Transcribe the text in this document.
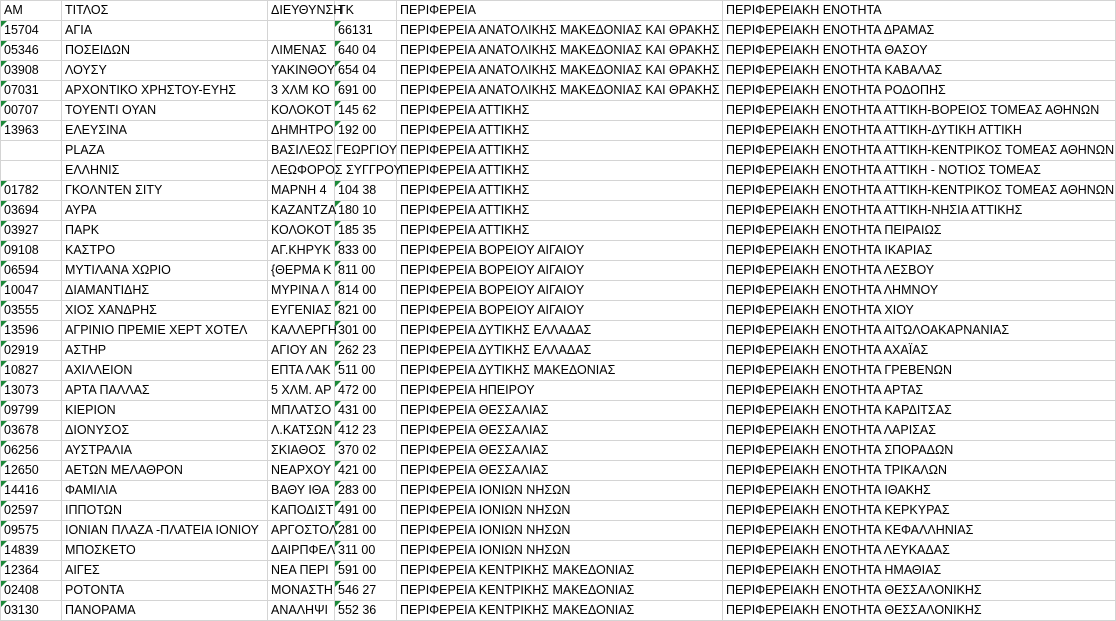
ΑΜ	ΤΙΤΛΟΣ	ΔΙΕΥΘΥΝΣΗ	ΤΚ	ΠΕΡΙΦΕΡΕΙΑ	ΠΕΡΙΦΕΡΕΙΑΚΗ ΕΝΟΤΗΤΑ
15704	ΑΓΙΑ		66131	ΠΕΡΙΦΕΡΕΙΑ ΑΝΑΤΟΛΙΚΗΣ ΜΑΚΕΔΟΝΙΑΣ ΚΑΙ ΘΡΑΚΗΣ	ΠΕΡΙΦΕΡΕΙΑΚΗ ΕΝΟΤΗΤΑ ΔΡΑΜΑΣ
05346	ΠΟΣΕΙΔΩΝ	ΛΙΜΕΝΑΣ	640 04	ΠΕΡΙΦΕΡΕΙΑ ΑΝΑΤΟΛΙΚΗΣ ΜΑΚΕΔΟΝΙΑΣ ΚΑΙ ΘΡΑΚΗΣ	ΠΕΡΙΦΕΡΕΙΑΚΗ ΕΝΟΤΗΤΑ ΘΑΣΟΥ
03908	ΛΟΥΣΥ	ΥΑΚΙΝΘΟΥ	654 04	ΠΕΡΙΦΕΡΕΙΑ ΑΝΑΤΟΛΙΚΗΣ ΜΑΚΕΔΟΝΙΑΣ ΚΑΙ ΘΡΑΚΗΣ	ΠΕΡΙΦΕΡΕΙΑΚΗ ΕΝΟΤΗΤΑ ΚΑΒΑΛΑΣ
07031	ΑΡΧΟΝΤΙΚΟ ΧΡΗΣΤΟΥ-ΕΥΗΣ	3 ΧΛΜ ΚΟ	691 00	ΠΕΡΙΦΕΡΕΙΑ ΑΝΑΤΟΛΙΚΗΣ ΜΑΚΕΔΟΝΙΑΣ ΚΑΙ ΘΡΑΚΗΣ	ΠΕΡΙΦΕΡΕΙΑΚΗ ΕΝΟΤΗΤΑ ΡΟΔΟΠΗΣ
00707	ΤΟΥΕΝΤΙ ΟΥΑΝ	ΚΟΛΟΚΟΤ	145 62	ΠΕΡΙΦΕΡΕΙΑ ΑΤΤΙΚΗΣ	ΠΕΡΙΦΕΡΕΙΑΚΗ ΕΝΟΤΗΤΑ ΑΤΤΙΚΗ-ΒΟΡΕΙΟΣ ΤΟΜΕΑΣ ΑΘΗΝΩΝ
13963	ΕΛΕΥΣΙΝΑ	ΔΗΜΗΤΡΟ	192 00	ΠΕΡΙΦΕΡΕΙΑ ΑΤΤΙΚΗΣ	ΠΕΡΙΦΕΡΕΙΑΚΗ ΕΝΟΤΗΤΑ ΑΤΤΙΚΗ-ΔΥΤΙΚΗ ΑΤΤΙΚΗ
	PLAZA	ΒΑΣΙΛΕΩΣ ΓΕΩΡΓΙΟΥ		ΠΕΡΙΦΕΡΕΙΑ ΑΤΤΙΚΗΣ	ΠΕΡΙΦΕΡΕΙΑΚΗ ΕΝΟΤΗΤΑ ΑΤΤΙΚΗ-ΚΕΝΤΡΙΚΟΣ ΤΟΜΕΑΣ ΑΘΗΝΩΝ
	ΕΛΛΗΝΙΣ	ΛΕΩΦΟΡΟΣ ΣΥΓΓΡΟΥ		ΠΕΡΙΦΕΡΕΙΑ ΑΤΤΙΚΗΣ	ΠΕΡΙΦΕΡΕΙΑΚΗ ΕΝΟΤΗΤΑ ΑΤΤΙΚΗ - ΝΟΤΙΟΣ ΤΟΜΕΑΣ
01782	ΓΚΟΛΝΤΕΝ ΣΙΤΥ	ΜΑΡΝΗ 4	104 38	ΠΕΡΙΦΕΡΕΙΑ ΑΤΤΙΚΗΣ	ΠΕΡΙΦΕΡΕΙΑΚΗ ΕΝΟΤΗΤΑ ΑΤΤΙΚΗ-ΚΕΝΤΡΙΚΟΣ ΤΟΜΕΑΣ ΑΘΗΝΩΝ
03694	ΑΥΡΑ	ΚΑΖΑΝΤΖΑ	180 10	ΠΕΡΙΦΕΡΕΙΑ ΑΤΤΙΚΗΣ	ΠΕΡΙΦΕΡΕΙΑΚΗ ΕΝΟΤΗΤΑ ΑΤΤΙΚΗ-ΝΗΣΙΑ ΑΤΤΙΚΗΣ
03927	ΠΑΡΚ	ΚΟΛΟΚΟΤ	185 35	ΠΕΡΙΦΕΡΕΙΑ ΑΤΤΙΚΗΣ	ΠΕΡΙΦΕΡΕΙΑΚΗ ΕΝΟΤΗΤΑ ΠΕΙΡΑΙΩΣ
09108	ΚΑΣΤΡΟ	ΑΓ.ΚΗΡΥΚ	833 00	ΠΕΡΙΦΕΡΕΙΑ ΒΟΡΕΙΟΥ ΑΙΓΑΙΟΥ	ΠΕΡΙΦΕΡΕΙΑΚΗ ΕΝΟΤΗΤΑ ΙΚΑΡΙΑΣ
06594	ΜΥΤΙΛΑΝΑ ΧΩΡΙΟ	{ΘΕΡΜΑ Κ	811 00	ΠΕΡΙΦΕΡΕΙΑ ΒΟΡΕΙΟΥ ΑΙΓΑΙΟΥ	ΠΕΡΙΦΕΡΕΙΑΚΗ ΕΝΟΤΗΤΑ ΛΕΣΒΟΥ
10047	ΔΙΑΜΑΝΤΙΔΗΣ	ΜΥΡΙΝΑ Λ	814 00	ΠΕΡΙΦΕΡΕΙΑ ΒΟΡΕΙΟΥ ΑΙΓΑΙΟΥ	ΠΕΡΙΦΕΡΕΙΑΚΗ ΕΝΟΤΗΤΑ ΛΗΜΝΟΥ
03555	ΧΙΟΣ ΧΑΝΔΡΗΣ	ΕΥΓΕΝΙΑΣ	821 00	ΠΕΡΙΦΕΡΕΙΑ ΒΟΡΕΙΟΥ ΑΙΓΑΙΟΥ	ΠΕΡΙΦΕΡΕΙΑΚΗ ΕΝΟΤΗΤΑ ΧΙΟΥ
13596	ΑΓΡΙΝΙΟ ΠΡΕΜΙΕ ΧΕΡΤ ΧΟΤΕΛ	ΚΑΛΛΕΡΓΗ	301 00	ΠΕΡΙΦΕΡΕΙΑ ΔΥΤΙΚΗΣ ΕΛΛΑΔΑΣ	ΠΕΡΙΦΕΡΕΙΑΚΗ ΕΝΟΤΗΤΑ ΑΙΤΩΛΟΑΚΑΡΝΑΝΙΑΣ
02919	ΑΣΤΗΡ	ΑΓΙΟΥ ΑΝ	262 23	ΠΕΡΙΦΕΡΕΙΑ ΔΥΤΙΚΗΣ ΕΛΛΑΔΑΣ	ΠΕΡΙΦΕΡΕΙΑΚΗ ΕΝΟΤΗΤΑ ΑΧΑΪΑΣ
10827	ΑΧΙΛΛΕΙΟΝ	ΕΠΤΑ ΛΑΚ	511 00	ΠΕΡΙΦΕΡΕΙΑ ΔΥΤΙΚΗΣ ΜΑΚΕΔΟΝΙΑΣ	ΠΕΡΙΦΕΡΕΙΑΚΗ ΕΝΟΤΗΤΑ ΓΡΕΒΕΝΩΝ
13073	ΑΡΤΑ ΠΑΛΛΑΣ	5 ΧΛΜ. ΑΡ	472 00	ΠΕΡΙΦΕΡΕΙΑ ΗΠΕΙΡΟΥ	ΠΕΡΙΦΕΡΕΙΑΚΗ ΕΝΟΤΗΤΑ ΑΡΤΑΣ
09799	ΚΙΕΡΙΟΝ	ΜΠΛΑΤΣΟ	431 00	ΠΕΡΙΦΕΡΕΙΑ ΘΕΣΣΑΛΙΑΣ	ΠΕΡΙΦΕΡΕΙΑΚΗ ΕΝΟΤΗΤΑ ΚΑΡΔΙΤΣΑΣ
03678	ΔΙΟΝΥΣΟΣ	Λ.ΚΑΤΣΩΝ	412 23	ΠΕΡΙΦΕΡΕΙΑ ΘΕΣΣΑΛΙΑΣ	ΠΕΡΙΦΕΡΕΙΑΚΗ ΕΝΟΤΗΤΑ ΛΑΡΙΣΑΣ
06256	ΑΥΣΤΡΑΛΙΑ	ΣΚΙΑΘΟΣ	370 02	ΠΕΡΙΦΕΡΕΙΑ ΘΕΣΣΑΛΙΑΣ	ΠΕΡΙΦΕΡΕΙΑΚΗ ΕΝΟΤΗΤΑ ΣΠΟΡΑΔΩΝ
12650	ΑΕΤΩΝ ΜΕΛΑΘΡΟΝ	ΝΕΑΡΧΟΥ	421 00	ΠΕΡΙΦΕΡΕΙΑ ΘΕΣΣΑΛΙΑΣ	ΠΕΡΙΦΕΡΕΙΑΚΗ ΕΝΟΤΗΤΑ ΤΡΙΚΑΛΩΝ
14416	ΦΑΜΙΛΙΑ	ΒΑΘΥ ΙΘΑ	283 00	ΠΕΡΙΦΕΡΕΙΑ ΙΟΝΙΩΝ ΝΗΣΩΝ	ΠΕΡΙΦΕΡΕΙΑΚΗ ΕΝΟΤΗΤΑ ΙΘΑΚΗΣ
02597	ΙΠΠΟΤΩΝ	ΚΑΠΟΔΙΣΤ	491 00	ΠΕΡΙΦΕΡΕΙΑ ΙΟΝΙΩΝ ΝΗΣΩΝ	ΠΕΡΙΦΕΡΕΙΑΚΗ ΕΝΟΤΗΤΑ ΚΕΡΚΥΡΑΣ
09575	ΙΟΝΙΑΝ ΠΛΑΖΑ -ΠΛΑΤΕΙΑ ΙΟΝΙΟΥ	ΑΡΓΟΣΤΟΛ	281 00	ΠΕΡΙΦΕΡΕΙΑ ΙΟΝΙΩΝ ΝΗΣΩΝ	ΠΕΡΙΦΕΡΕΙΑΚΗ ΕΝΟΤΗΤΑ ΚΕΦΑΛΛΗΝΙΑΣ
14839	ΜΠΟΣΚΕΤΟ	ΔΑΙΡΠΦΕΛ	311 00	ΠΕΡΙΦΕΡΕΙΑ ΙΟΝΙΩΝ ΝΗΣΩΝ	ΠΕΡΙΦΕΡΕΙΑΚΗ ΕΝΟΤΗΤΑ ΛΕΥΚΑΔΑΣ
12364	ΑΙΓΕΣ	ΝΕΑ ΠΕΡΙ	591 00	ΠΕΡΙΦΕΡΕΙΑ ΚΕΝΤΡΙΚΗΣ ΜΑΚΕΔΟΝΙΑΣ	ΠΕΡΙΦΕΡΕΙΑΚΗ ΕΝΟΤΗΤΑ ΗΜΑΘΙΑΣ
02408	ΡΟΤΟΝΤΑ	ΜΟΝΑΣΤΗ	546 27	ΠΕΡΙΦΕΡΕΙΑ ΚΕΝΤΡΙΚΗΣ ΜΑΚΕΔΟΝΙΑΣ	ΠΕΡΙΦΕΡΕΙΑΚΗ ΕΝΟΤΗΤΑ ΘΕΣΣΑΛΟΝΙΚΗΣ
03130	ΠΑΝΟΡΑΜΑ	ΑΝΑΛΗΨΙ	552 36	ΠΕΡΙΦΕΡΕΙΑ ΚΕΝΤΡΙΚΗΣ ΜΑΚΕΔΟΝΙΑΣ	ΠΕΡΙΦΕΡΕΙΑΚΗ ΕΝΟΤΗΤΑ ΘΕΣΣΑΛΟΝΙΚΗΣ
